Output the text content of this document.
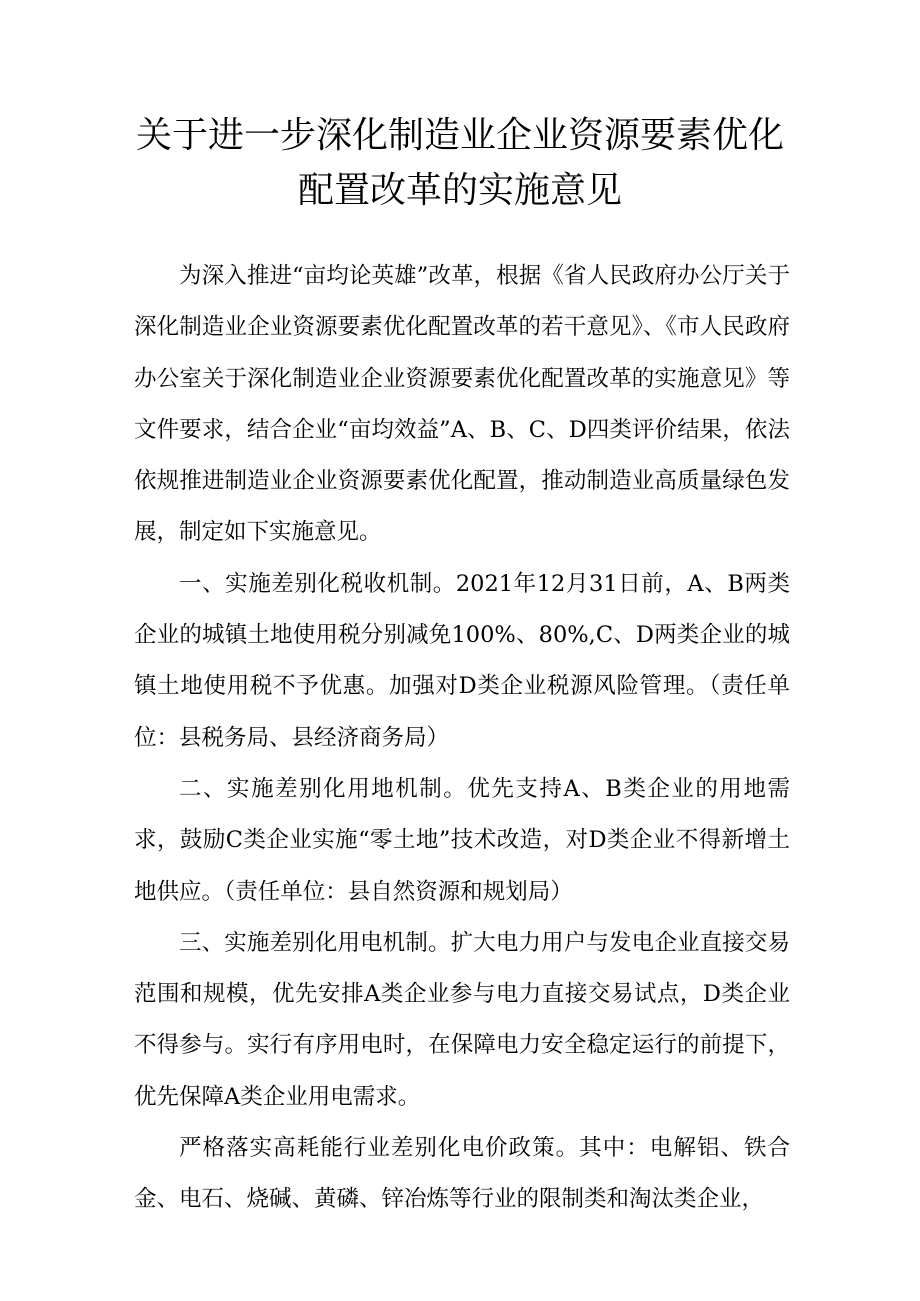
关于进一步深化制造业企业资源要素优化
配置改革的实施意见

为深入推进“亩均论英雄”改革，根据《省人民政府办公厅关于深化制造业企业资源要素优化配置改革的若干意见》、《市人民政府办公室关于深化制造业企业资源要素优化配置改革的实施意见》等文件要求，结合企业“亩均效益”A、B、C、D四类评价结果，依法依规推进制造业企业资源要素优化配置，推动制造业高质量绿色发展，制定如下实施意见。

一、实施差别化税收机制。2021年12月31日前，A、B两类企业的城镇土地使用税分别减免100%、80%,C、D两类企业的城镇土地使用税不予优惠。加强对D类企业税源风险管理。（责任单位：县税务局、县经济商务局）

二、实施差别化用地机制。优先支持A、B类企业的用地需求，鼓励C类企业实施“零土地”技术改造，对D类企业不得新增土地供应。（责任单位：县自然资源和规划局）

三、实施差别化用电机制。扩大电力用户与发电企业直接交易范围和规模，优先安排A类企业参与电力直接交易试点，D类企业不得参与。实行有序用电时，在保障电力安全稳定运行的前提下，优先保障A类企业用电需求。

严格落实高耗能行业差别化电价政策。其中：电解铝、铁合金、电石、烧碱、黄磷、锌冶炼等行业的限制类和淘汰类企业，
